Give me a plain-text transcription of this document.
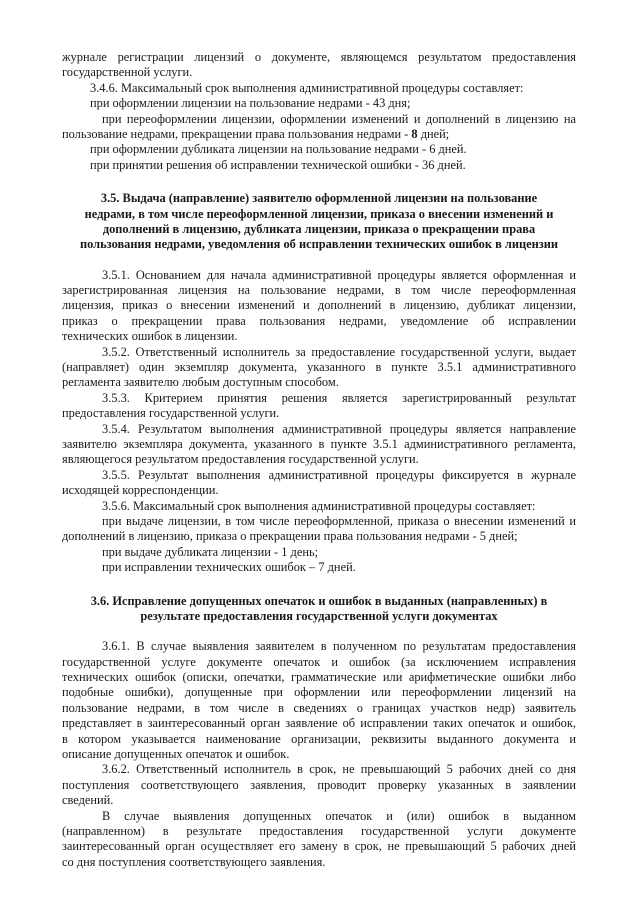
журнале регистрации лицензий о документе, являющемся результатом предоставления
государственной услуги.
3.4.6. Максимальный срок выполнения административной процедуры составляет:
при оформлении лицензии на пользование недрами - 43 дня;
при переоформлении лицензии, оформлении изменений и дополнений в лицензию на
пользование недрами, прекращении права пользования недрами - 8 дней;
при оформлении дубликата лицензии на пользование недрами - 6 дней.
при принятии решения об исправлении технической ошибки - 36 дней.
3.5. Выдача (направление) заявителю оформленной лицензии на пользование
недрами, в том числе переоформленной лицензии, приказа о внесении изменений и
дополнений в лицензию, дубликата лицензии, приказа о прекращении права
пользования недрами, уведомления об исправлении технических ошибок в лицензии
3.5.1. Основанием для начала административной процедуры является оформленная и
зарегистрированная лицензия на пользование недрами, в том числе переоформленная
лицензия, приказ о внесении изменений и дополнений в лицензию, дубликат лицензии,
приказ о прекращении права пользования недрами, уведомление об исправлении
технических ошибок в лицензии.
3.5.2. Ответственный исполнитель за предоставление государственной услуги, выдает
(направляет) один экземпляр документа, указанного в пункте 3.5.1 административного
регламента заявителю любым доступным способом.
3.5.3. Критерием принятия решения является зарегистрированный результат
предоставления государственной услуги.
3.5.4. Результатом выполнения административной процедуры является направление
заявителю экземпляра документа, указанного в пункте 3.5.1 административного регламента,
являющегося результатом предоставления государственной услуги.
3.5.5. Результат выполнения административной процедуры фиксируется в журнале
исходящей корреспонденции.
3.5.6. Максимальный срок выполнения административной процедуры составляет:
при выдаче лицензии, в том числе переоформленной, приказа о внесении изменений и
дополнений в лицензию, приказа о прекращении права пользования недрами - 5 дней;
при выдаче дубликата лицензии - 1 день;
при исправлении технических ошибок – 7 дней.
3.6. Исправление допущенных опечаток и ошибок в выданных (направленных) в
результате предоставления государственной услуги документах
3.6.1. В случае выявления заявителем в полученном по результатам предоставления
государственной услуге документе опечаток и ошибок (за исключением исправления
технических ошибок (описки, опечатки, грамматические или арифметические ошибки либо
подобные ошибки), допущенные при оформлении или переоформлении лицензий на
пользование недрами, в том числе в сведениях о границах участков недр) заявитель
представляет в заинтересованный орган заявление об исправлении таких опечаток и ошибок,
в котором указывается наименование организации, реквизиты выданного документа и
описание допущенных опечаток и ошибок.
3.6.2. Ответственный исполнитель в срок, не превышающий 5 рабочих дней со дня
поступления соответствующего заявления, проводит проверку указанных в заявлении
сведений.
В случае выявления допущенных опечаток и (или) ошибок в выданном
(направленном) в результате предоставления государственной услуги документе
заинтересованный орган осуществляет его замену в срок, не превышающий 5 рабочих дней
со дня поступления соответствующего заявления.
